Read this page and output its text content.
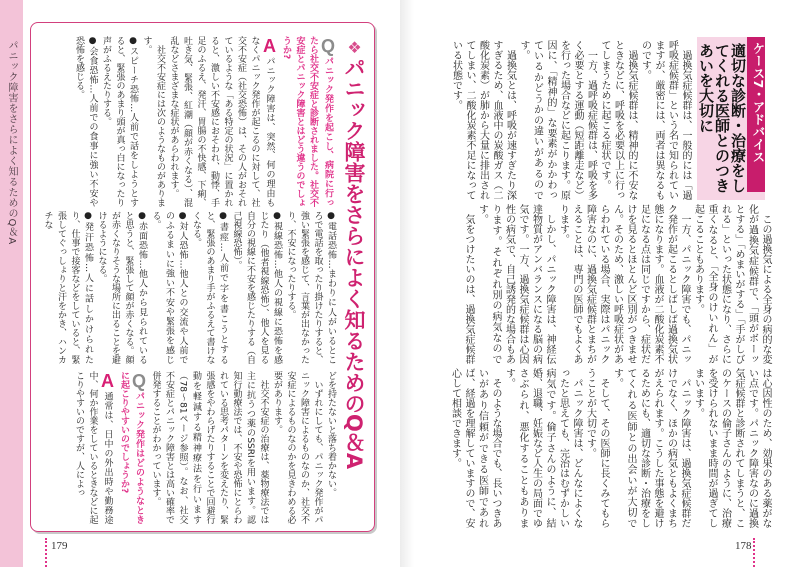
パニック障害をさらによく知るためのQ＆A	❖パニック障害をさらによく知るためのQ＆A

Qパニック発作を起こし、病院に行ったら社交不安症と診断されました。社交不安症とパニック障害とはどう違うのでしょうか?

Aパニック障害は、突然、何の理由もなくパニック発作が起こるのに対して、社交不安症（社交恐怖）は、その人がおそれているような「ある特定の状況」に置かれると、激しい不安感におそわれ、動悸、手足のふるえ、発汗、胃腸の不快感、下痢、吐き気、緊張、紅潮（顔が赤くなる）、混乱などさまざまな症状があらわれます。

社交不安症には次のようなものがあります。

●スピーチ恐怖…人前で話をしようとすると、緊張のあまり頭が真っ白になったり声がふるえたりする。

●会食恐怖…人前での食事に強い不安や恐怖を感じる。

●電話恐怖…まわりに人がいるところで電話を取ったり掛けたりすると、強い緊張を感じて、言葉が出なかったり、不安になったりする。

●視線恐怖…他人の視線に恐怖を感じたり（他者視線恐怖）、他人を見る自分の視線に不安を感じたりする（自己視線恐怖）。

●書痙…人前で字を書こうとすると、緊張のあまり手がふるえて書けなくなる。

●対人恐怖…他人との交流や人前でのふるまいに強い不安や緊張を感じる。

●赤面恐怖…他人から見られていると思うと、緊張して顔が赤くなる。顔が赤くなりそうな場所に出ることを避けるようになる。

●発汗恐怖…人に話しかけられたり、仕事で接客などをしていると、緊張してぐっしょりと汗をかき、ハンカチな

どを持たないと落ち着かない。

いずれにしても、パニック発作がパニック障害によるものなのか、社交不安症によるものなのかを見きわめる必要があります。

社交不安症の治療は、薬物療法では主に抗うつ薬のSSRIを用います。認知行動療法では、不安や恐怖にとらわれている思考パターンを変えたり、緊張感をやわらげたりすることで回避行動を軽減する精神療法を行います（78〜81ページ参照）。なお、社交不安症とパニック障害とは高い確率で併発することがわかっています。

Qパニック発作はどのようなときに起こりやすいのでしょうか?

A通常は、日中の外出時や勤務途中、何か作業をしているときなどに起こりやすいのですが、人によっ

179
ケース7・アドバイス
適切な診断・治療をしてくれる医師とのつきあいを大切に

過換気症候群は、一般的には「過呼吸症候群」という名で知られていますが、厳密には、両者は異なるものです。

過換気症候群は、精神的に不安なときなどに、呼吸を必要以上に行ってしまうために起こる症状です。

一方、過呼吸症候群は、呼吸を多く必要とする運動（短距離走など）を行った場合などに起こります。原因に、「精神的」な要素がかかわっているかどうかの違いがあるのです。

過換気とは、呼吸が速すぎたり深すぎるため、血液中の炭酸ガス（二酸化炭素）が肺から大量に排出されてしまい、二酸化炭素不足になっている状態です。

この過換気による全身の病的な変化が過換気症候群で、「頭がボーッとする」「めまいがする」「手がしびれる」といった状態になり、さらに重くなると、「全身のけいれん」が起こることもあります。

一方、パニック障害でも、パニック発作が起こるとしばしば過換気状態になります。血液が二酸化炭素不足になる点は同じですから、症状だけを見るとほとんど区別がつきません。そのため、激しい呼吸症状があらわれている場合、実際はパニック障害なのに、過換気症候群とまちがえることは、専門の医師でもよくあります。

しかし、パニック障害は、神経伝達物質がアンバランスになる脳の病気です。一方、過換気症候群は心因性の病気で、自己誘発的な場合もあります。それぞれ別の病気なのです。

気をつけたいのは、過換気症候群

は心因性のため、効果のある薬がない点です。パニック障害なのに過換気症候群と診断されてしまうと、このケースの倫子さんのように、治療を受けられないまま時間が過ぎてしまいます。

パニック障害は、過換気症候群だけでなく、ほかの病気ともよくまちがえられます。こうした事態を避けるためにも、適切な診断・治療をしてくれる医師との出会いが大切です。

そして、その医師に長くみてもらうことが大切です。

パニック障害は、どんなによくなったと思えても、完治はむずかしい病気です。倫子さんのように、結婚、退職、妊娠など人生の局面でゆさぶられ、悪化することもあります。

そのような場合でも、長いつきあいがあり信頼ができる医師であれば、経過を理解していますので、安心して相談できます。

178
